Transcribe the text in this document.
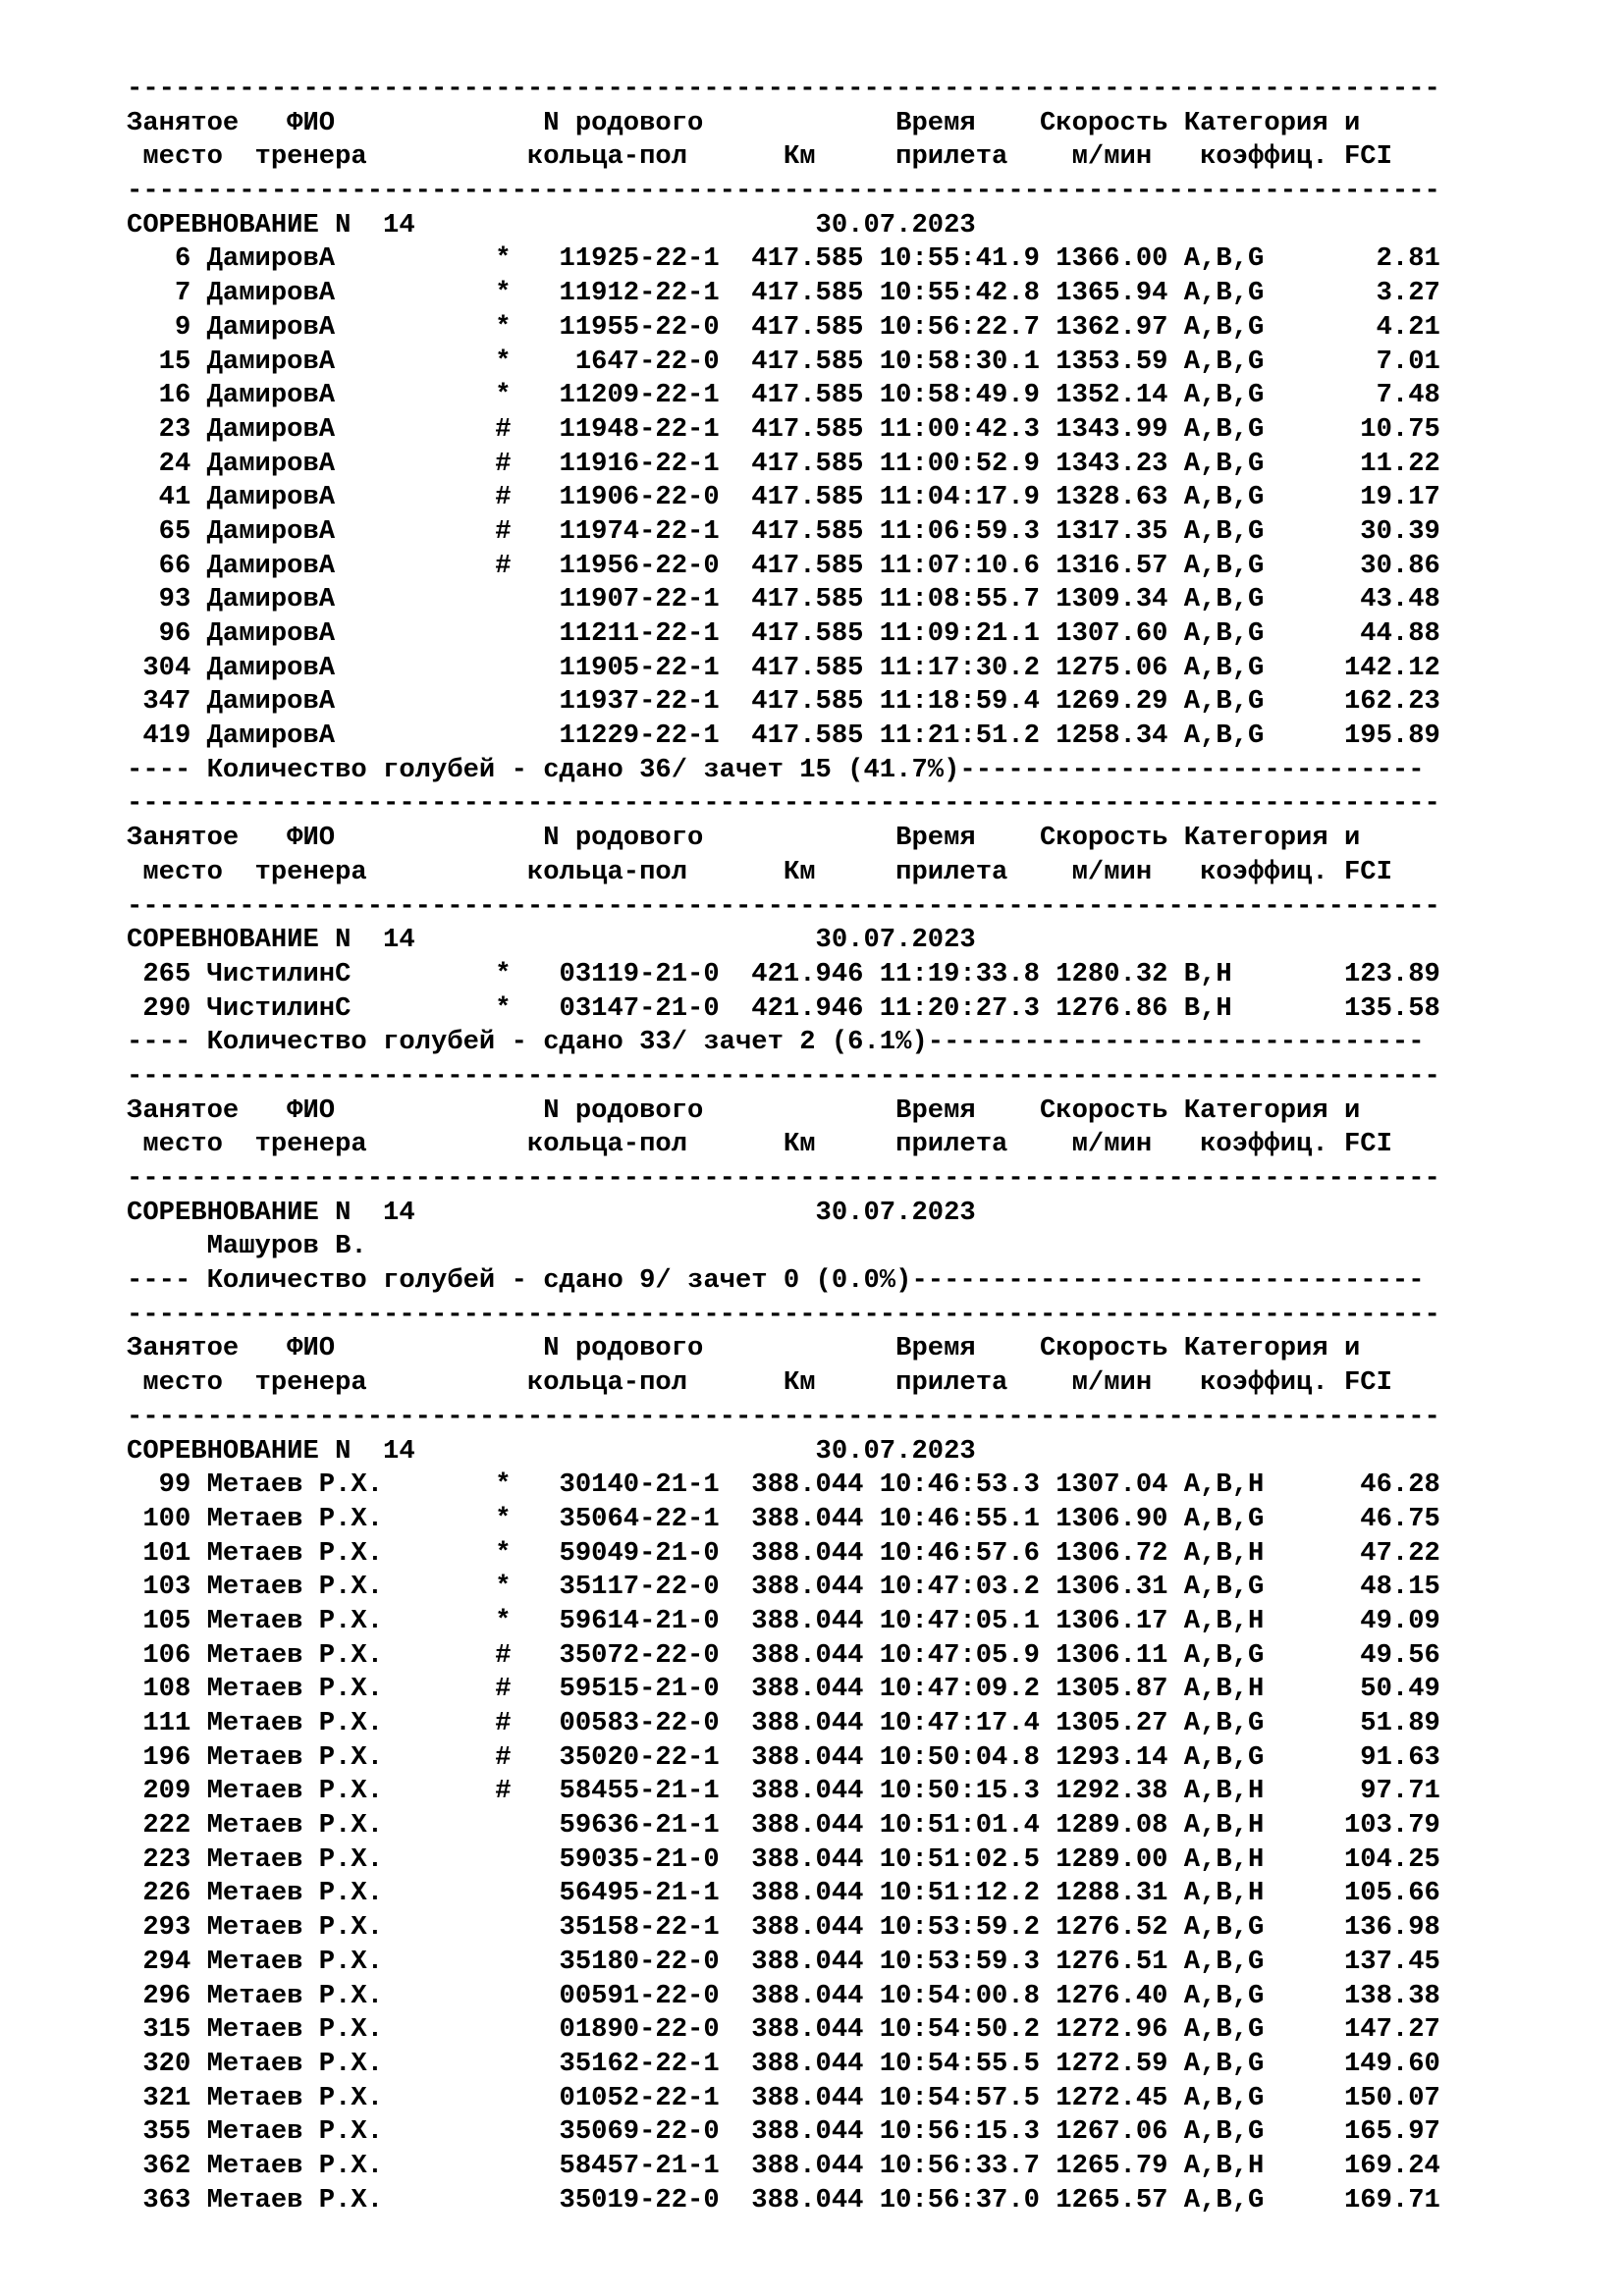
----------------------------------------------------------------------------------
Занятое   ФИО             N родового            Время    Скорость Категория и
место  тренера          кольца-пол      Км     прилета    м/мин   коэффиц. FCI
----------------------------------------------------------------------------------
СОРЕВНОВАНИЕ N  14                         30.07.2023
6 ДамировА          *   11925-22-1  417.585 10:55:41.9 1366.00 A,B,G       2.81
7 ДамировА          *   11912-22-1  417.585 10:55:42.8 1365.94 A,B,G       3.27
9 ДамировА          *   11955-22-0  417.585 10:56:22.7 1362.97 A,B,G       4.21
15 ДамировА          *    1647-22-0  417.585 10:58:30.1 1353.59 A,B,G       7.01
16 ДамировА          *   11209-22-1  417.585 10:58:49.9 1352.14 A,B,G       7.48
23 ДамировА          #   11948-22-1  417.585 11:00:42.3 1343.99 A,B,G      10.75
24 ДамировА          #   11916-22-1  417.585 11:00:52.9 1343.23 A,B,G      11.22
41 ДамировА          #   11906-22-0  417.585 11:04:17.9 1328.63 A,B,G      19.17
65 ДамировА          #   11974-22-1  417.585 11:06:59.3 1317.35 A,B,G      30.39
66 ДамировА          #   11956-22-0  417.585 11:07:10.6 1316.57 A,B,G      30.86
93 ДамировА              11907-22-1  417.585 11:08:55.7 1309.34 A,B,G      43.48
96 ДамировА              11211-22-1  417.585 11:09:21.1 1307.60 A,B,G      44.88
304 ДамировА              11905-22-1  417.585 11:17:30.2 1275.06 A,B,G     142.12
347 ДамировА              11937-22-1  417.585 11:18:59.4 1269.29 A,B,G     162.23
419 ДамировА              11229-22-1  417.585 11:21:51.2 1258.34 A,B,G     195.89
---- Количество голубей - сдано 36/ зачет 15 (41.7%)-----------------------------
----------------------------------------------------------------------------------
Занятое   ФИО             N родового            Время    Скорость Категория и
место  тренера          кольца-пол      Км     прилета    м/мин   коэффиц. FCI
----------------------------------------------------------------------------------
СОРЕВНОВАНИЕ N  14                         30.07.2023
265 ЧистилинС         *   03119-21-0  421.946 11:19:33.8 1280.32 B,H       123.89
290 ЧистилинС         *   03147-21-0  421.946 11:20:27.3 1276.86 B,H       135.58
---- Количество голубей - сдано 33/ зачет 2 (6.1%)-------------------------------
----------------------------------------------------------------------------------
Занятое   ФИО             N родового            Время    Скорость Категория и
место  тренера          кольца-пол      Км     прилета    м/мин   коэффиц. FCI
----------------------------------------------------------------------------------
СОРЕВНОВАНИЕ N  14                         30.07.2023
Машуров В.
---- Количество голубей - сдано 9/ зачет 0 (0.0%)--------------------------------
----------------------------------------------------------------------------------
Занятое   ФИО             N родового            Время    Скорость Категория и
место  тренера          кольца-пол      Км     прилета    м/мин   коэффиц. FCI
----------------------------------------------------------------------------------
СОРЕВНОВАНИЕ N  14                         30.07.2023
99 Метаев Р.Х.       *   30140-21-1  388.044 10:46:53.3 1307.04 A,B,H      46.28
100 Метаев Р.Х.       *   35064-22-1  388.044 10:46:55.1 1306.90 A,B,G      46.75
101 Метаев Р.Х.       *   59049-21-0  388.044 10:46:57.6 1306.72 A,B,H      47.22
103 Метаев Р.Х.       *   35117-22-0  388.044 10:47:03.2 1306.31 A,B,G      48.15
105 Метаев Р.Х.       *   59614-21-0  388.044 10:47:05.1 1306.17 A,B,H      49.09
106 Метаев Р.Х.       #   35072-22-0  388.044 10:47:05.9 1306.11 A,B,G      49.56
108 Метаев Р.Х.       #   59515-21-0  388.044 10:47:09.2 1305.87 A,B,H      50.49
111 Метаев Р.Х.       #   00583-22-0  388.044 10:47:17.4 1305.27 A,B,G      51.89
196 Метаев Р.Х.       #   35020-22-1  388.044 10:50:04.8 1293.14 A,B,G      91.63
209 Метаев Р.Х.       #   58455-21-1  388.044 10:50:15.3 1292.38 A,B,H      97.71
222 Метаев Р.Х.           59636-21-1  388.044 10:51:01.4 1289.08 A,B,H     103.79
223 Метаев Р.Х.           59035-21-0  388.044 10:51:02.5 1289.00 A,B,H     104.25
226 Метаев Р.Х.           56495-21-1  388.044 10:51:12.2 1288.31 A,B,H     105.66
293 Метаев Р.Х.           35158-22-1  388.044 10:53:59.2 1276.52 A,B,G     136.98
294 Метаев Р.Х.           35180-22-0  388.044 10:53:59.3 1276.51 A,B,G     137.45
296 Метаев Р.Х.           00591-22-0  388.044 10:54:00.8 1276.40 A,B,G     138.38
315 Метаев Р.Х.           01890-22-0  388.044 10:54:50.2 1272.96 A,B,G     147.27
320 Метаев Р.Х.           35162-22-1  388.044 10:54:55.5 1272.59 A,B,G     149.60
321 Метаев Р.Х.           01052-22-1  388.044 10:54:57.5 1272.45 A,B,G     150.07
355 Метаев Р.Х.           35069-22-0  388.044 10:56:15.3 1267.06 A,B,G     165.97
362 Метаев Р.Х.           58457-21-1  388.044 10:56:33.7 1265.79 A,B,H     169.24
363 Метаев Р.Х.           35019-22-0  388.044 10:56:37.0 1265.57 A,B,G     169.71
